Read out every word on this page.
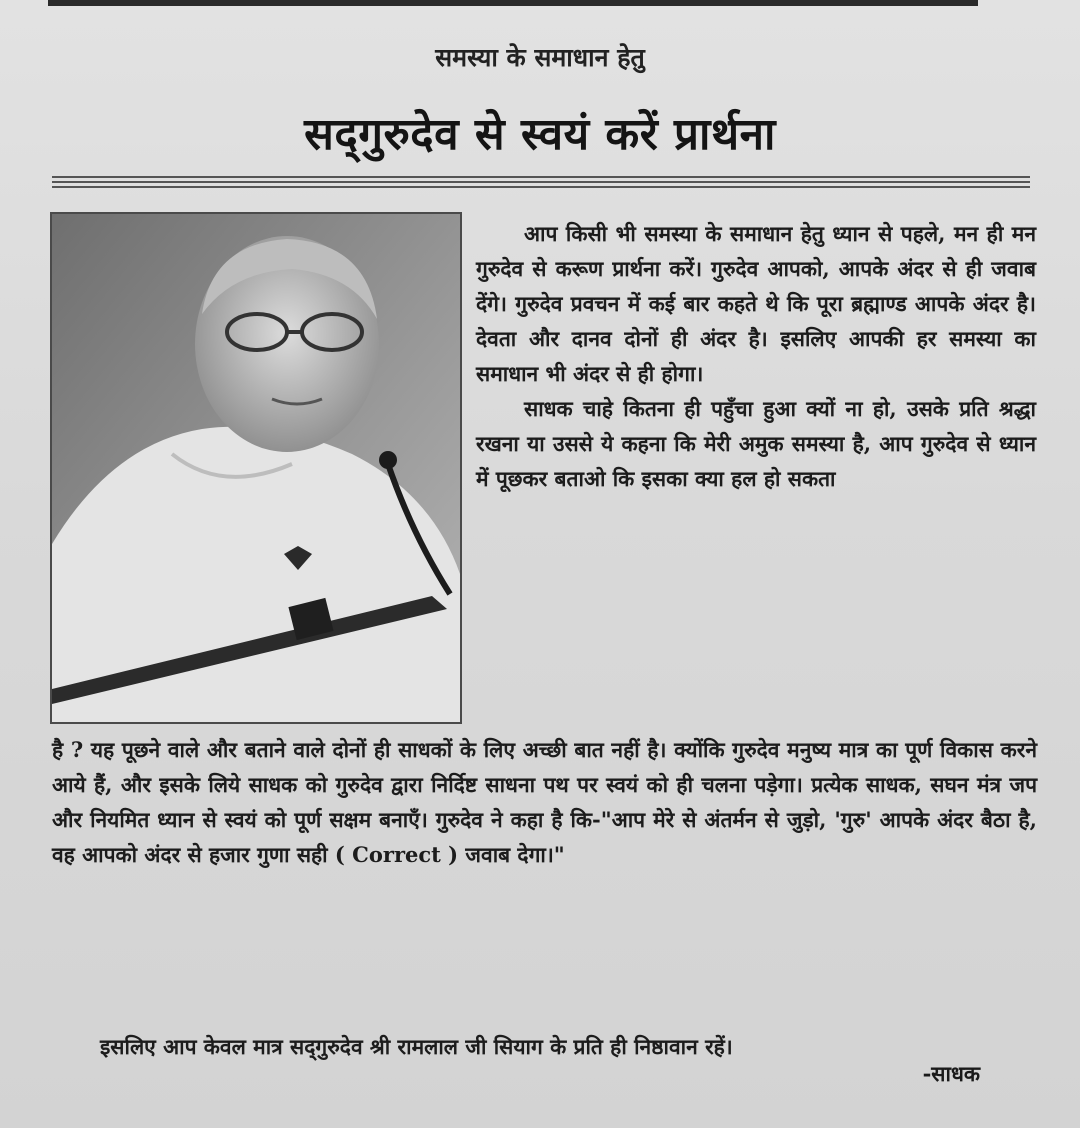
समस्या के समाधान हेतु
सद्‌गुरुदेव से स्वयं करें प्रार्थना

आप किसी भी समस्या के समाधान हेतु ध्यान से पहले, मन ही मन गुरुदेव से करूण प्रार्थना करें। गुरुदेव आपको, आपके अंदर से ही जवाब देंगे। गुरुदेव प्रवचन में कई बार कहते थे कि पूरा ब्रह्माण्ड आपके अंदर है। देवता और दानव दोनों ही अंदर है। इसलिए आपकी हर समस्या का समाधान भी अंदर से ही होगा।

साधक चाहे कितना ही पहुँचा हुआ क्यों ना हो, उसके प्रति श्रद्धा रखना या उससे ये कहना कि मेरी अमुक समस्या है, आप गुरुदेव से ध्यान में पूछकर बताओ कि इसका क्या हल हो सकता

है ? यह पूछने वाले और बताने वाले दोनों ही साधकों के लिए अच्छी बात नहीं है। क्योंकि गुरुदेव मनुष्य मात्र का पूर्ण विकास करने आये हैं, और इसके लिये साधक को गुरुदेव द्वारा निर्दिष्ट साधना पथ पर स्वयं को ही चलना पड़ेगा। प्रत्येक साधक, सघन मंत्र जप और नियमित ध्यान से स्वयं को पूर्ण सक्षम बनाएँ। गुरुदेव ने कहा है कि-"आप मेरे से अंतर्मन से जुड़ो, 'गुरु' आपके अंदर बैठा है, वह आपको अंदर से हजार गुणा सही ( Correct ) जवाब देगा।"

इसलिए आप केवल मात्र सद्‌गुरुदेव श्री रामलाल जी सियाग के प्रति ही निष्ठावान रहें।

-साधक
